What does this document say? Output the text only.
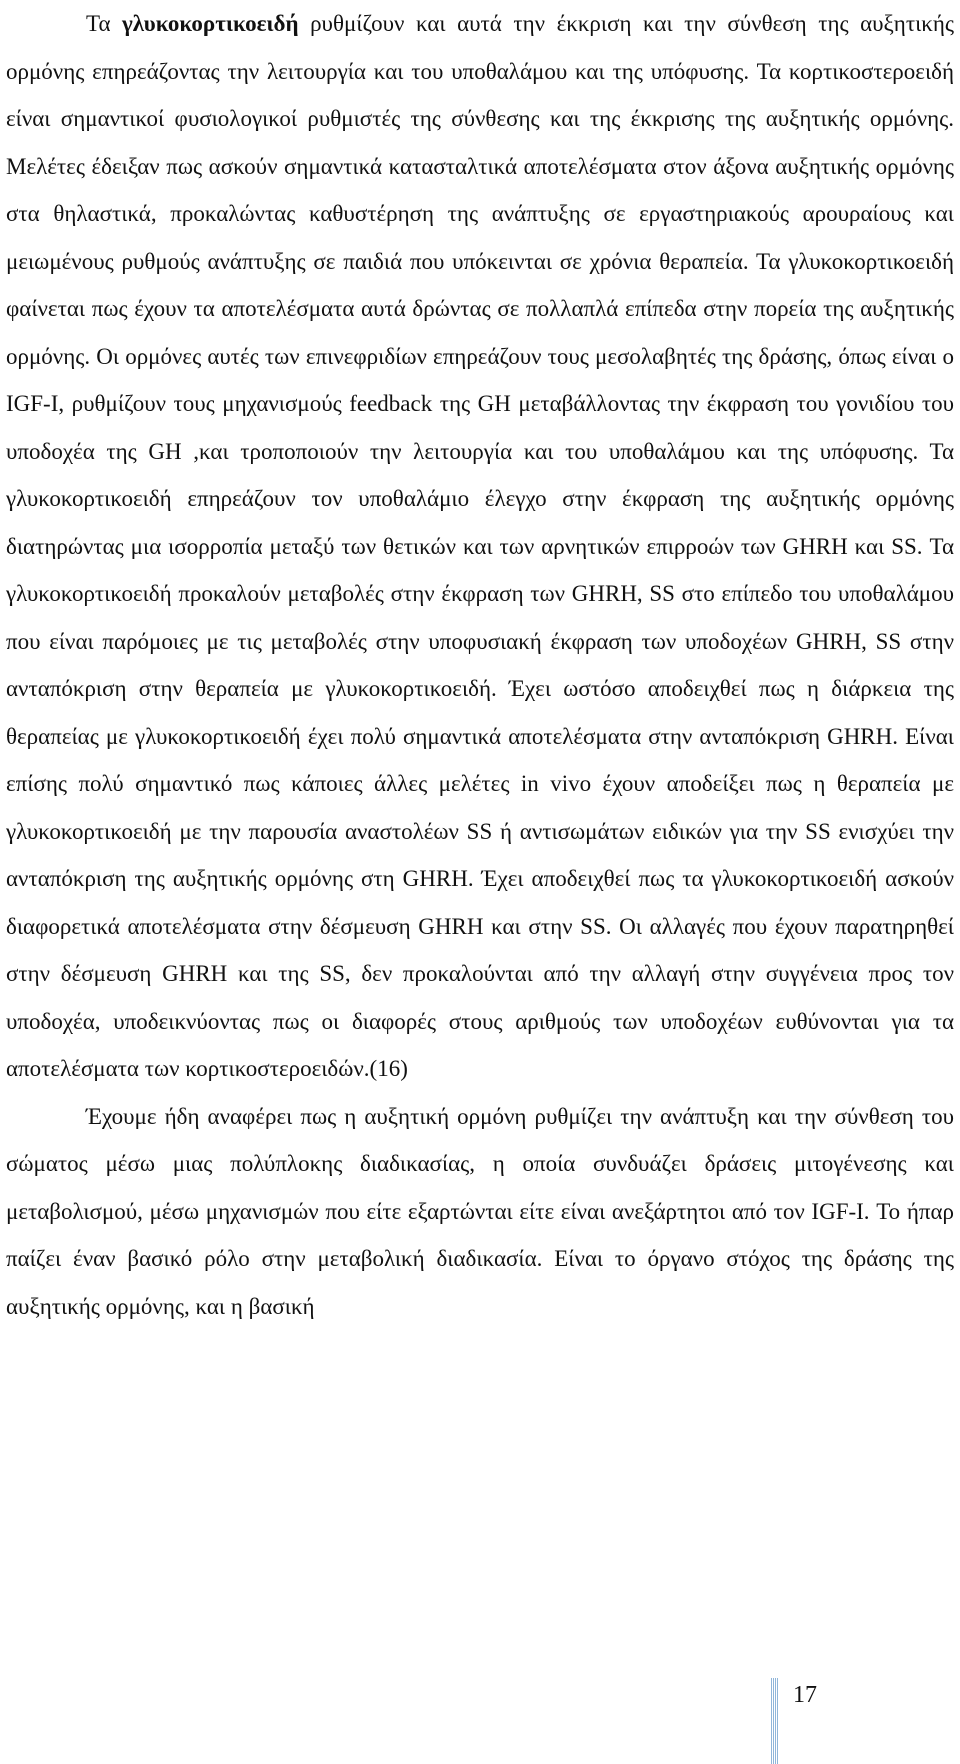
Τα γλυκοκορτικοειδή ρυθμίζουν και αυτά την έκκριση και την σύνθεση της αυξητικής ορμόνης επηρεάζοντας την λειτουργία και του υποθαλάμου και της υπόφυσης. Τα κορτικοστεροειδή είναι σημαντικοί φυσιολογικοί ρυθμιστές της σύνθεσης και της έκκρισης της αυξητικής ορμόνης. Μελέτες έδειξαν πως ασκούν σημαντικά κατασταλτικά αποτελέσματα στον άξονα αυξητικής ορμόνης στα θηλαστικά, προκαλώντας καθυστέρηση της ανάπτυξης σε εργαστηριακούς αρουραίους και μειωμένους ρυθμούς ανάπτυξης σε παιδιά που υπόκεινται σε χρόνια θεραπεία. Τα γλυκοκορτικοειδή φαίνεται πως έχουν τα αποτελέσματα αυτά δρώντας σε πολλαπλά επίπεδα στην πορεία της αυξητικής ορμόνης. Οι ορμόνες αυτές των επινεφριδίων επηρεάζουν τους μεσολαβητές της δράσης, όπως είναι ο IGF-I, ρυθμίζουν τους μηχανισμούς feedback της GH μεταβάλλοντας την έκφραση του γονιδίου του υποδοχέα της GH ,και τροποποιούν την λειτουργία και του υποθαλάμου και της υπόφυσης. Τα γλυκοκορτικοειδή επηρεάζουν τον υποθαλάμιο έλεγχο στην έκφραση της αυξητικής ορμόνης διατηρώντας μια ισορροπία μεταξύ των θετικών και των αρνητικών επιρροών των GHRH και SS. Τα γλυκοκορτικοειδή προκαλούν μεταβολές στην έκφραση των GHRH, SS στο επίπεδο του υποθαλάμου που είναι παρόμοιες με τις μεταβολές στην υποφυσιακή έκφραση των υποδοχέων GHRH, SS στην ανταπόκριση στην θεραπεία με γλυκοκορτικοειδή. Έχει ωστόσο αποδειχθεί πως η διάρκεια της θεραπείας με γλυκοκορτικοειδή έχει πολύ σημαντικά αποτελέσματα στην ανταπόκριση GHRH. Είναι επίσης πολύ σημαντικό πως κάποιες άλλες μελέτες in vivo έχουν αποδείξει πως η θεραπεία με γλυκοκορτικοειδή με την παρουσία αναστολέων SS ή αντισωμάτων ειδικών για την SS ενισχύει την ανταπόκριση της αυξητικής ορμόνης στη GHRH. Έχει αποδειχθεί πως τα γλυκοκορτικοειδή ασκούν διαφορετικά αποτελέσματα στην δέσμευση GHRH και στην SS. Οι αλλαγές που έχουν παρατηρηθεί στην δέσμευση GHRH και της SS, δεν προκαλούνται από την αλλαγή στην συγγένεια προς τον υποδοχέα, υποδεικνύοντας πως οι διαφορές στους αριθμούς των υποδοχέων ευθύνονται για τα αποτελέσματα των κορτικοστεροειδών.(16)

Έχουμε ήδη αναφέρει πως η αυξητική ορμόνη ρυθμίζει την ανάπτυξη και την σύνθεση του σώματος μέσω μιας πολύπλοκης διαδικασίας, η οποία συνδυάζει δράσεις μιτογένεσης και μεταβολισμού, μέσω μηχανισμών που είτε εξαρτώνται είτε είναι ανεξάρτητοι από τον IGF-I. Το ήπαρ παίζει έναν βασικό ρόλο στην μεταβολική διαδικασία. Είναι το όργανο στόχος της δράσης της αυξητικής ορμόνης, και η βασική

17
